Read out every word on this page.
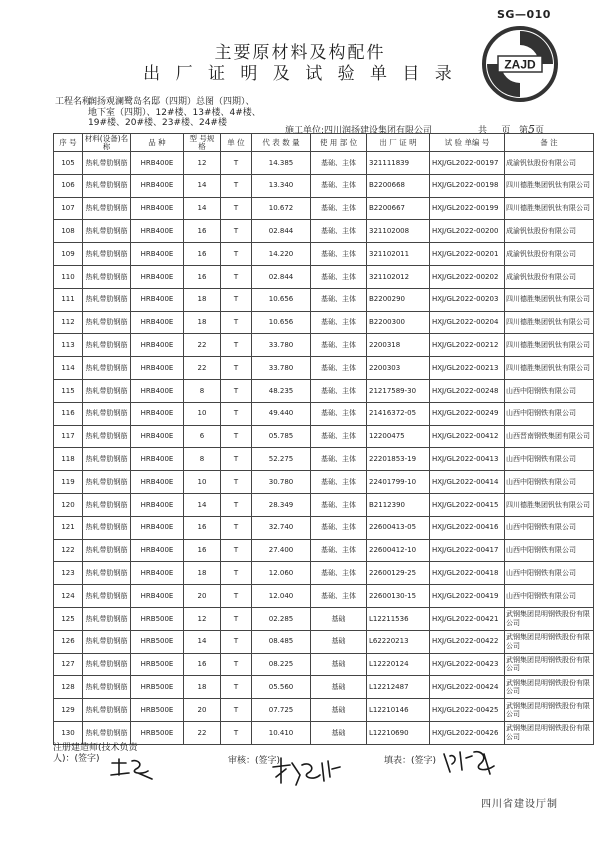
SG—010
ZAJD
主要原材料及构配件
出 厂 证 明 及 试 验 单 目 录
工程名称：
润扬观澜鹭岛名邸（四期）总图（四期）、
地下室（四期）、12#楼、13#楼、4#楼、
19#楼、20#楼、23#楼、24#楼
施工单位:四川润扬建设集团有限公司	共 页 第5页
序 号	材料(设备)名称	品 种	型 号规 格	单 位	代 表 数 量	使 用 部 位	出 厂 证 明	试 验 单编 号	备 注
105	热轧带肋钢筋	HRB400E	12	T	14.385	基础、主体	321111839	HXJ/GL2022-00197	成渝钒钛股份有限公司
106	热轧带肋钢筋	HRB400E	14	T	13.340	基础、主体	B2200668	HXJ/GL2022-00198	四川德胜集团钒钛有限公司
107	热轧带肋钢筋	HRB400E	14	T	10.672	基础、主体	B2200667	HXJ/GL2022-00199	四川德胜集团钒钛有限公司
108	热轧带肋钢筋	HRB400E	16	T	02.844	基础、主体	321102008	HXJ/GL2022-00200	成渝钒钛股份有限公司
109	热轧带肋钢筋	HRB400E	16	T	14.220	基础、主体	321102011	HXJ/GL2022-00201	成渝钒钛股份有限公司
110	热轧带肋钢筋	HRB400E	16	T	02.844	基础、主体	321102012	HXJ/GL2022-00202	成渝钒钛股份有限公司
111	热轧带肋钢筋	HRB400E	18	T	10.656	基础、主体	B2200290	HXJ/GL2022-00203	四川德胜集团钒钛有限公司
112	热轧带肋钢筋	HRB400E	18	T	10.656	基础、主体	B2200300	HXJ/GL2022-00204	四川德胜集团钒钛有限公司
113	热轧带肋钢筋	HRB400E	22	T	33.780	基础、主体	2200318	HXJ/GL2022-00212	四川德胜集团钒钛有限公司
114	热轧带肋钢筋	HRB400E	22	T	33.780	基础、主体	2200303	HXJ/GL2022-00213	四川德胜集团钒钛有限公司
115	热轧带肋钢筋	HRB400E	8	T	48.235	基础、主体	21217589-30	HXJ/GL2022-00248	山西中阳钢铁有限公司
116	热轧带肋钢筋	HRB400E	10	T	49.440	基础、主体	21416372-05	HXJ/GL2022-00249	山西中阳钢铁有限公司
117	热轧带肋钢筋	HRB400E	6	T	05.785	基础、主体	12200475	HXJ/GL2022-00412	山西晋南钢铁集团有限公司
118	热轧带肋钢筋	HRB400E	8	T	52.275	基础、主体	22201853-19	HXJ/GL2022-00413	山西中阳钢铁有限公司
119	热轧带肋钢筋	HRB400E	10	T	30.780	基础、主体	22401799-10	HXJ/GL2022-00414	山西中阳钢铁有限公司
120	热轧带肋钢筋	HRB400E	14	T	28.349	基础、主体	B2112390	HXJ/GL2022-00415	四川德胜集团钒钛有限公司
121	热轧带肋钢筋	HRB400E	16	T	32.740	基础、主体	22600413-05	HXJ/GL2022-00416	山西中阳钢铁有限公司
122	热轧带肋钢筋	HRB400E	16	T	27.400	基础、主体	22600412-10	HXJ/GL2022-00417	山西中阳钢铁有限公司
123	热轧带肋钢筋	HRB400E	18	T	12.060	基础、主体	22600129-25	HXJ/GL2022-00418	山西中阳钢铁有限公司
124	热轧带肋钢筋	HRB400E	20	T	12.040	基础、主体	22600130-15	HXJ/GL2022-00419	山西中阳钢铁有限公司
125	热轧带肋钢筋	HRB500E	12	T	02.285	基础	L12211536	HXJ/GL2022-00421	武钢集团昆明钢铁股份有限公司
126	热轧带肋钢筋	HRB500E	14	T	08.485	基础	L62220213	HXJ/GL2022-00422	武钢集团昆明钢铁股份有限公司
127	热轧带肋钢筋	HRB500E	16	T	08.225	基础	L12220124	HXJ/GL2022-00423	武钢集团昆明钢铁股份有限公司
128	热轧带肋钢筋	HRB500E	18	T	05.560	基础	L12212487	HXJ/GL2022-00424	武钢集团昆明钢铁股份有限公司
129	热轧带肋钢筋	HRB500E	20	T	07.725	基础	L12210146	HXJ/GL2022-00425	武钢集团昆明钢铁股份有限公司
130	热轧带肋钢筋	HRB500E	22	T	10.410	基础	L12210690	HXJ/GL2022-00426	武钢集团昆明钢铁股份有限公司
注册建造师(技术负责
人)：(签字)	审核：(签字)	填表：(签字)
四川省建设厅制
